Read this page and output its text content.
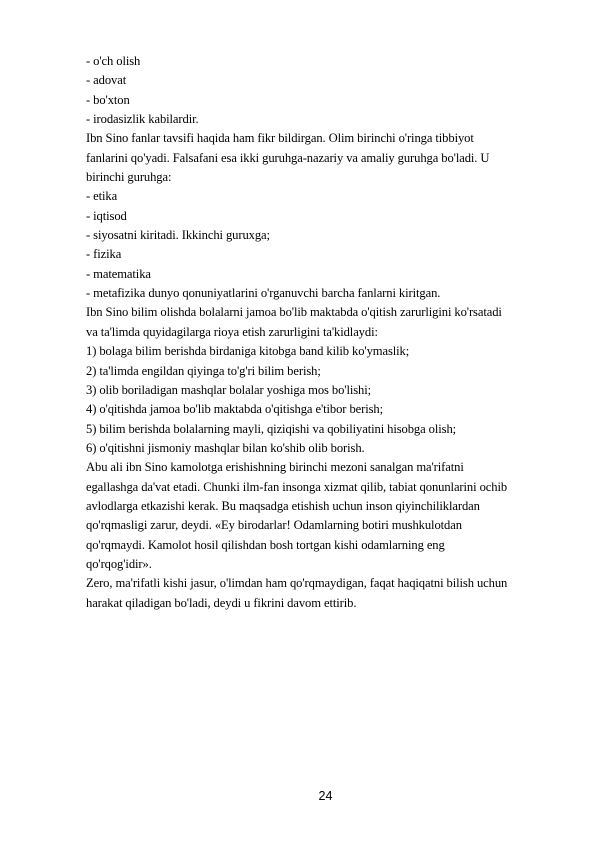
- o'ch olish
- adovat
- bo'xton
- irodasizlik kabilardir.
Ibn Sino fanlar tavsifi haqida ham fikr bildirgan. Olim birinchi o'ringa tibbiyot
fanlarini qo'yadi. Falsafani esa ikki guruhga-nazariy va amaliy guruhga bo'ladi. U
birinchi guruhga:
- etika
- iqtisod
- siyosatni kiritadi. Ikkinchi guruxga;
- fizika
- matematika
- metafizika dunyo qonuniyatlarini o'rganuvchi barcha fanlarni kiritgan.
Ibn Sino bilim olishda bolalarni jamoa bo'lib maktabda o'qitish zarurligini ko'rsatadi
va ta'limda quyidagilarga rioya etish zarurligini ta'kidlaydi:
1) bolaga bilim berishda birdaniga kitobga band kilib ko'ymaslik;
2) ta'limda engildan qiyinga to'g'ri bilim berish;
3) olib boriladigan mashqlar bolalar yoshiga mos bo'lishi;
4) o'qitishda jamoa bo'lib maktabda o'qitishga e'tibor berish;
5) bilim berishda bolalarning mayli, qiziqishi va qobiliyatini hisobga olish;
6) o'qitishni jismoniy mashqlar bilan ko'shib olib borish.
Abu ali ibn Sino kamolotga erishishning birinchi mezoni sanalgan ma'rifatni
egallashga da'vat etadi. Chunki ilm-fan insonga xizmat qilib, tabiat qonunlarini ochib
avlodlarga etkazishi kerak. Bu maqsadga etishish uchun inson qiyinchiliklardan
qo'rqmasligi zarur, deydi. «Ey birodarlar! Odamlarning botiri mushkulotdan
qo'rqmaydi. Kamolot hosil qilishdan bosh tortgan kishi odamlarning eng
qo'rqog'idir».
Zero, ma'rifatli kishi jasur, o'limdan ham qo'rqmaydigan, faqat haqiqatni bilish uchun
harakat qiladigan bo'ladi, deydi u fikrini davom ettirib.
24
